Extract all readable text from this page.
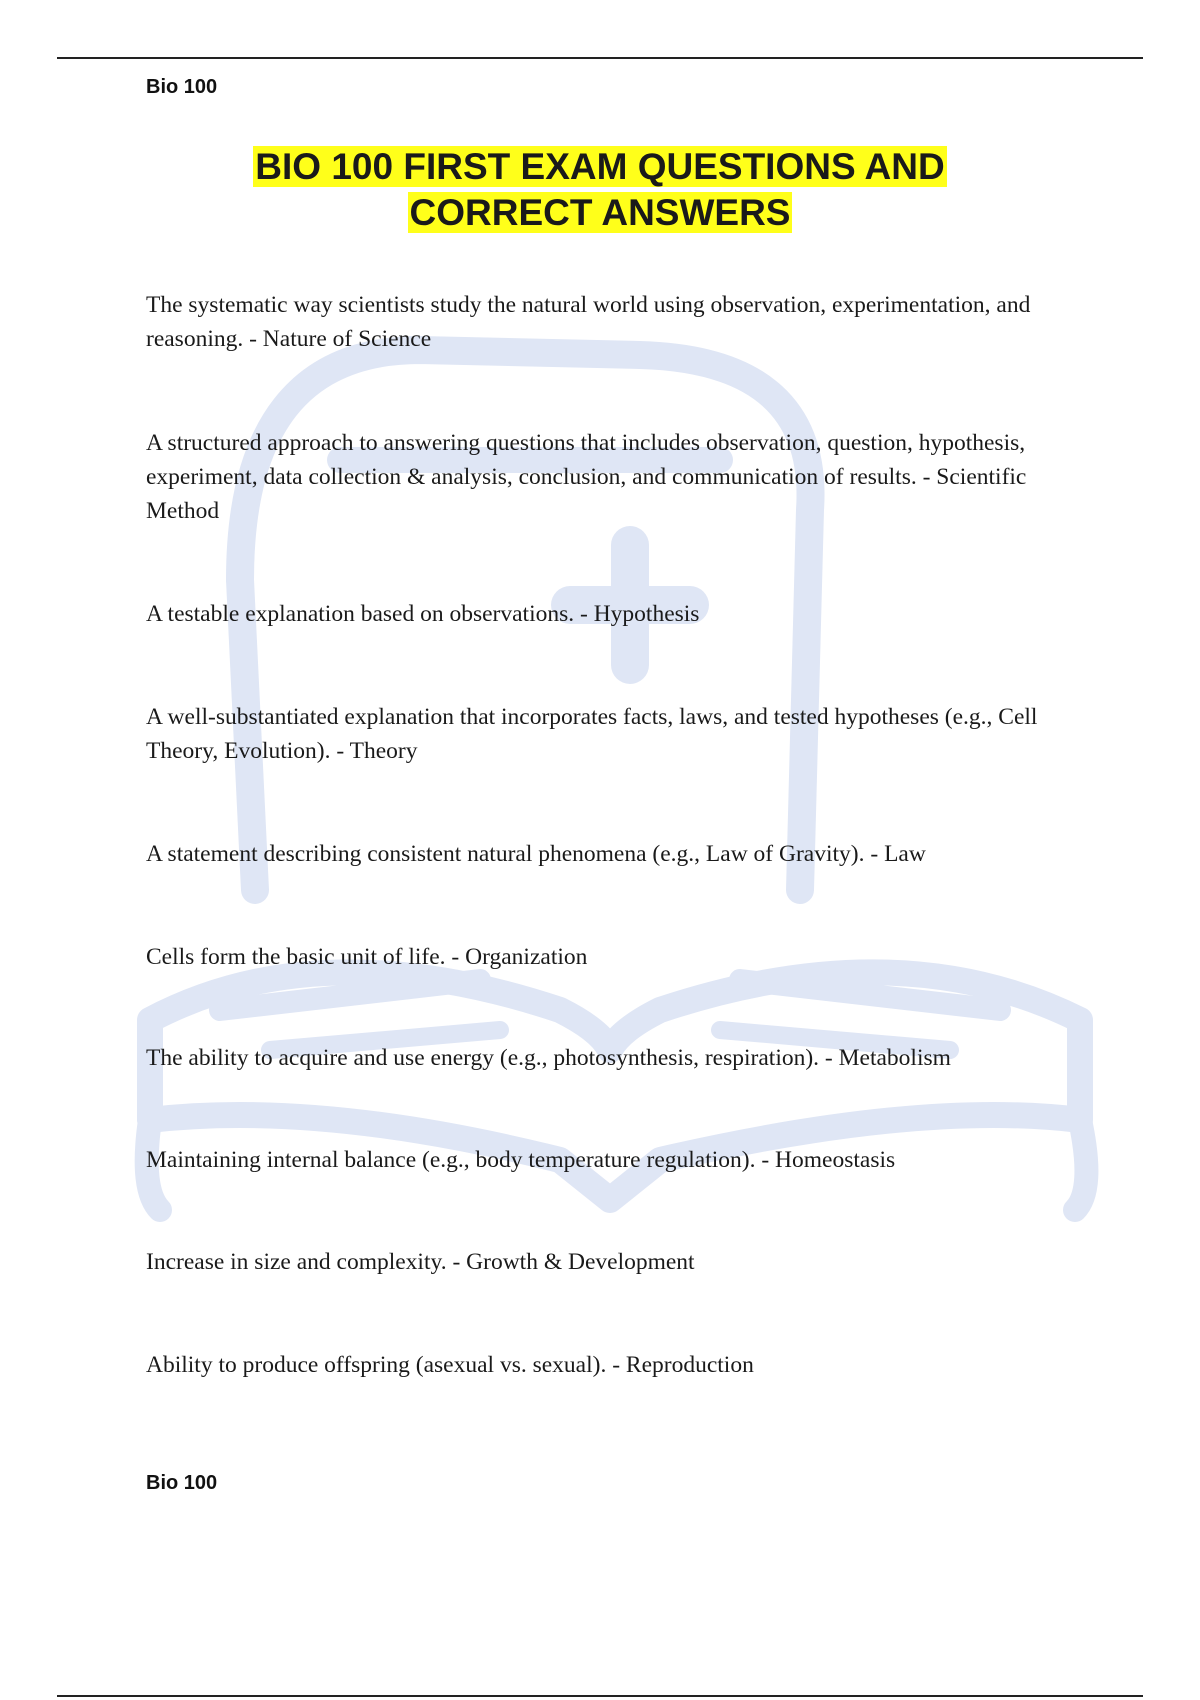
Bio 100
BIO 100 FIRST EXAM QUESTIONS AND
CORRECT ANSWERS
The systematic way scientists study the natural world using observation, experimentation, and reasoning. - Nature of Science
A structured approach to answering questions that includes observation, question, hypothesis, experiment, data collection & analysis, conclusion, and communication of results. - Scientific Method
A testable explanation based on observations. - Hypothesis
A well-substantiated explanation that incorporates facts, laws, and tested hypotheses (e.g., Cell Theory, Evolution). - Theory
A statement describing consistent natural phenomena (e.g., Law of Gravity). - Law
Cells form the basic unit of life. - Organization
The ability to acquire and use energy (e.g., photosynthesis, respiration). - Metabolism
Maintaining internal balance (e.g., body temperature regulation). - Homeostasis
Increase in size and complexity. - Growth & Development
Ability to produce offspring (asexual vs. sexual). - Reproduction
Bio 100
